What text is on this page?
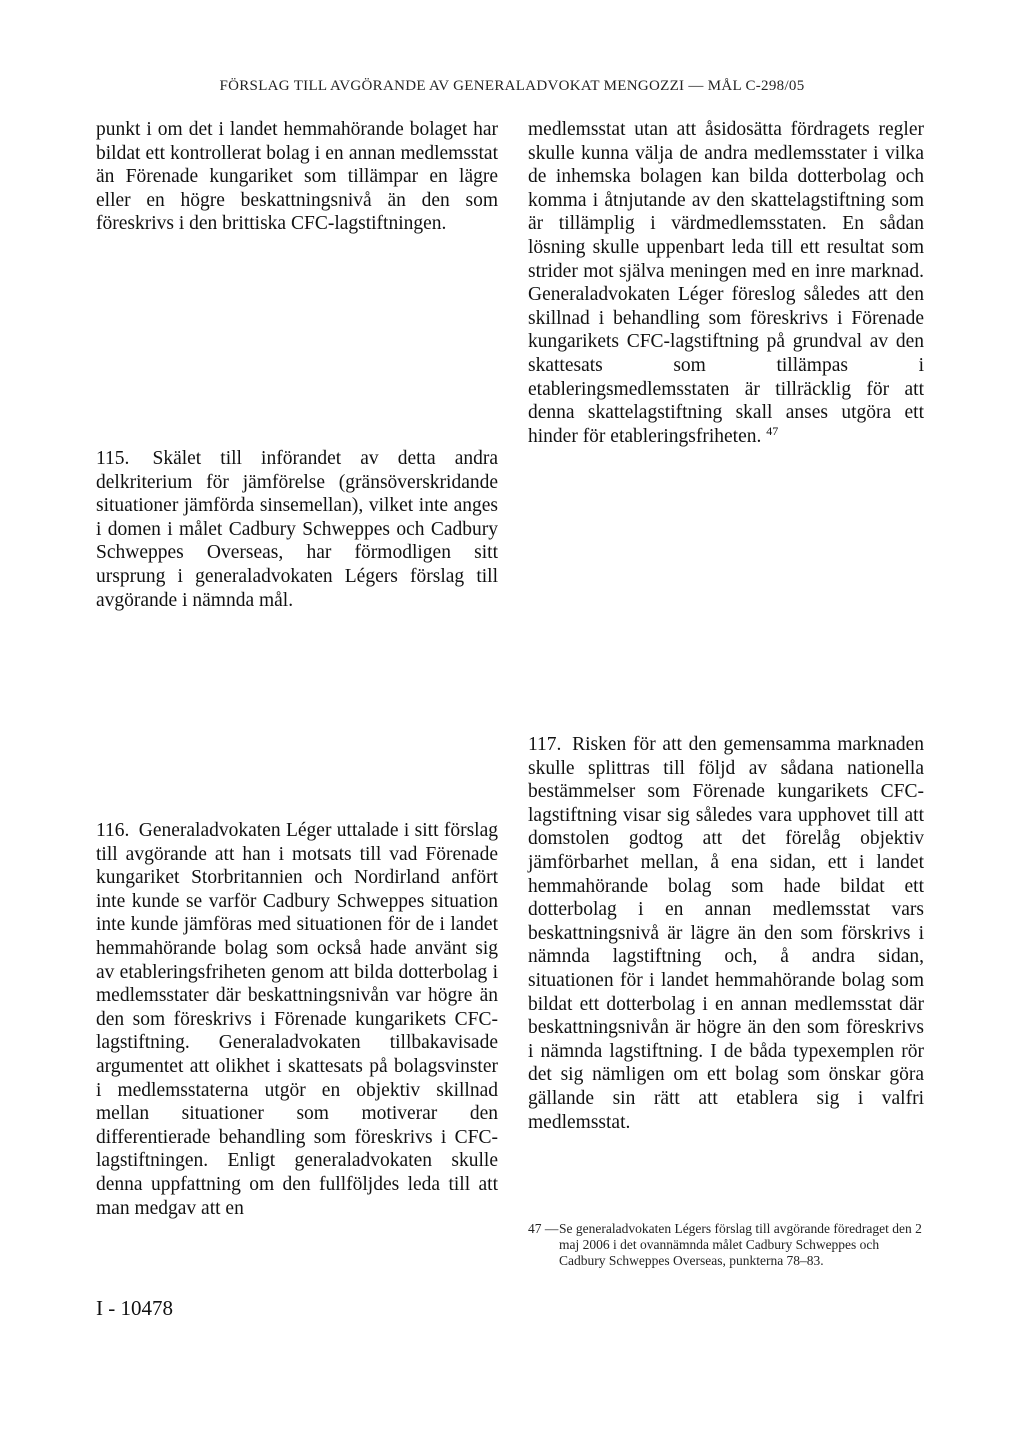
FÖRSLAG TILL AVGÖRANDE AV GENERALADVOKAT MENGOZZI — MÅL C-298/05

punkt i om det i landet hemmahörande bolaget har bildat ett kontrollerat bolag i en annan medlemsstat än Förenade kungariket som tillämpar en lägre eller en högre beskattningsnivå än den som föreskrivs i den brittiska CFC-lagstiftningen.

115. Skälet till införandet av detta andra delkriterium för jämförelse (gränsöverskridande situationer jämförda sinsemellan), vilket inte anges i domen i målet Cadbury Schweppes och Cadbury Schweppes Overseas, har förmodligen sitt ursprung i generaladvokaten Légers förslag till avgörande i nämnda mål.

116. Generaladvokaten Léger uttalade i sitt förslag till avgörande att han i motsats till vad Förenade kungariket Storbritannien och Nordirland anfört inte kunde se varför Cadbury Schweppes situation inte kunde jämföras med situationen för de i landet hemmahörande bolag som också hade använt sig av etableringsfriheten genom att bilda dotterbolag i medlemsstater där beskattningsnivån var högre än den som föreskrivs i Förenade kungarikets CFC-lagstiftning. Generaladvokaten tillbakavisade argumentet att olikhet i skattesats på bolagsvinster i medlemsstaterna utgör en objektiv skillnad mellan situationer som motiverar den differentierade behandling som föreskrivs i CFC-lagstiftningen. Enligt generaladvokaten skulle denna uppfattning om den fullföljdes leda till att man medgav att en

medlemsstat utan att åsidosätta fördragets regler skulle kunna välja de andra medlemsstater i vilka de inhemska bolagen kan bilda dotterbolag och komma i åtnjutande av den skattelagstiftning som är tillämplig i värdmedlemsstaten. En sådan lösning skulle uppenbart leda till ett resultat som strider mot själva meningen med en inre marknad. Generaladvokaten Léger föreslog således att den skillnad i behandling som föreskrivs i Förenade kungarikets CFC-lagstiftning på grundval av den skattesats som tillämpas i etableringsmedlemsstaten är tillräcklig för att denna skattelagstiftning skall anses utgöra ett hinder för etableringsfriheten. $^{47}$

117. Risken för att den gemensamma marknaden skulle splittras till följd av sådana nationella bestämmelser som Förenade kungarikets CFC-lagstiftning visar sig således vara upphovet till att domstolen godtog att det förelåg objektiv jämförbarhet mellan, å ena sidan, ett i landet hemmahörande bolag som hade bildat ett dotterbolag i en annan medlemsstat vars beskattningsnivå är lägre än den som förskrivs i nämnda lagstiftning och, å andra sidan, situationen för i landet hemmahörande bolag som bildat ett dotterbolag i en annan medlemsstat där beskattningsnivån är högre än den som föreskrivs i nämnda lagstiftning. I de båda typexemplen rör det sig nämligen om ett bolag som önskar göra gällande sin rätt att etablera sig i valfri medlemsstat.

47 — Se generaladvokaten Légers förslag till avgörande föredraget den 2 maj 2006 i det ovannämnda målet Cadbury Schweppes och Cadbury Schweppes Overseas, punkterna 78–83.
I - 10478
